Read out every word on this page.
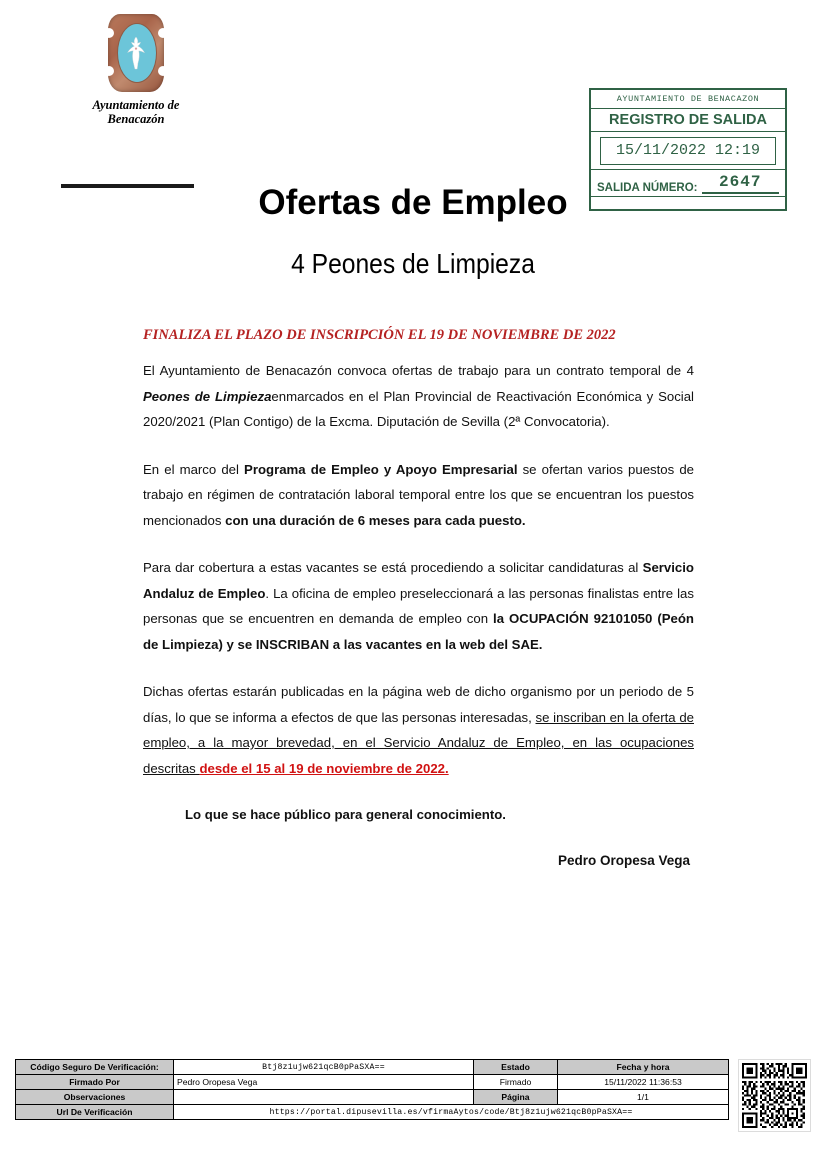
Ayuntamiento de
Benacazón
Ofertas de Empleo
AYUNTAMIENTO DE BENACAZON
REGISTRO DE SALIDA
15/11/2022 12:19
SALIDA NÚMERO:	2647
4 Peones de Limpieza
FINALIZA EL PLAZO DE INSCRIPCIÓN EL 19 DE NOVIEMBRE DE 2022

El Ayuntamiento de Benacazón convoca ofertas de trabajo para un contrato temporal de 4 Peones de Limpiezaenmarcados en el Plan Provincial de Reactivación Económica y Social 2020/2021 (Plan Contigo) de la Excma. Diputación de Sevilla (2ª Convocatoria).

En el marco del Programa de Empleo y Apoyo Empresarial se ofertan varios puestos de trabajo en régimen de contratación laboral temporal entre los que se encuentran los puestos mencionados con una duración de 6 meses para cada puesto.

Para dar cobertura a estas vacantes se está procediendo a solicitar candidaturas al Servicio Andaluz de Empleo. La oficina de empleo preseleccionará a las personas finalistas entre las personas que se encuentren en demanda de empleo con la OCUPACIÓN 92101050 (Peón de Limpieza) y se INSCRIBAN a las vacantes en la web del SAE.

Dichas ofertas estarán publicadas en la página web de dicho organismo por un periodo de 5 días, lo que se informa a efectos de que las personas interesadas, se inscriban en la oferta de empleo, a la mayor brevedad, en el Servicio Andaluz de Empleo, en las ocupaciones descritas desde el 15 al 19 de noviembre de 2022.

Lo que se hace público para general conocimiento.

Pedro Oropesa Vega

Código Seguro De Verificación:	Btj8z1ujw621qcB0pPaSXA==	Estado	Fecha y hora
Firmado Por	Pedro Oropesa Vega	Firmado	15/11/2022 11:36:53
Observaciones		Página	1/1
Url De Verificación	https://portal.dipusevilla.es/vfirmaAytos/code/Btj8z1ujw621qcB0pPaSXA==		
